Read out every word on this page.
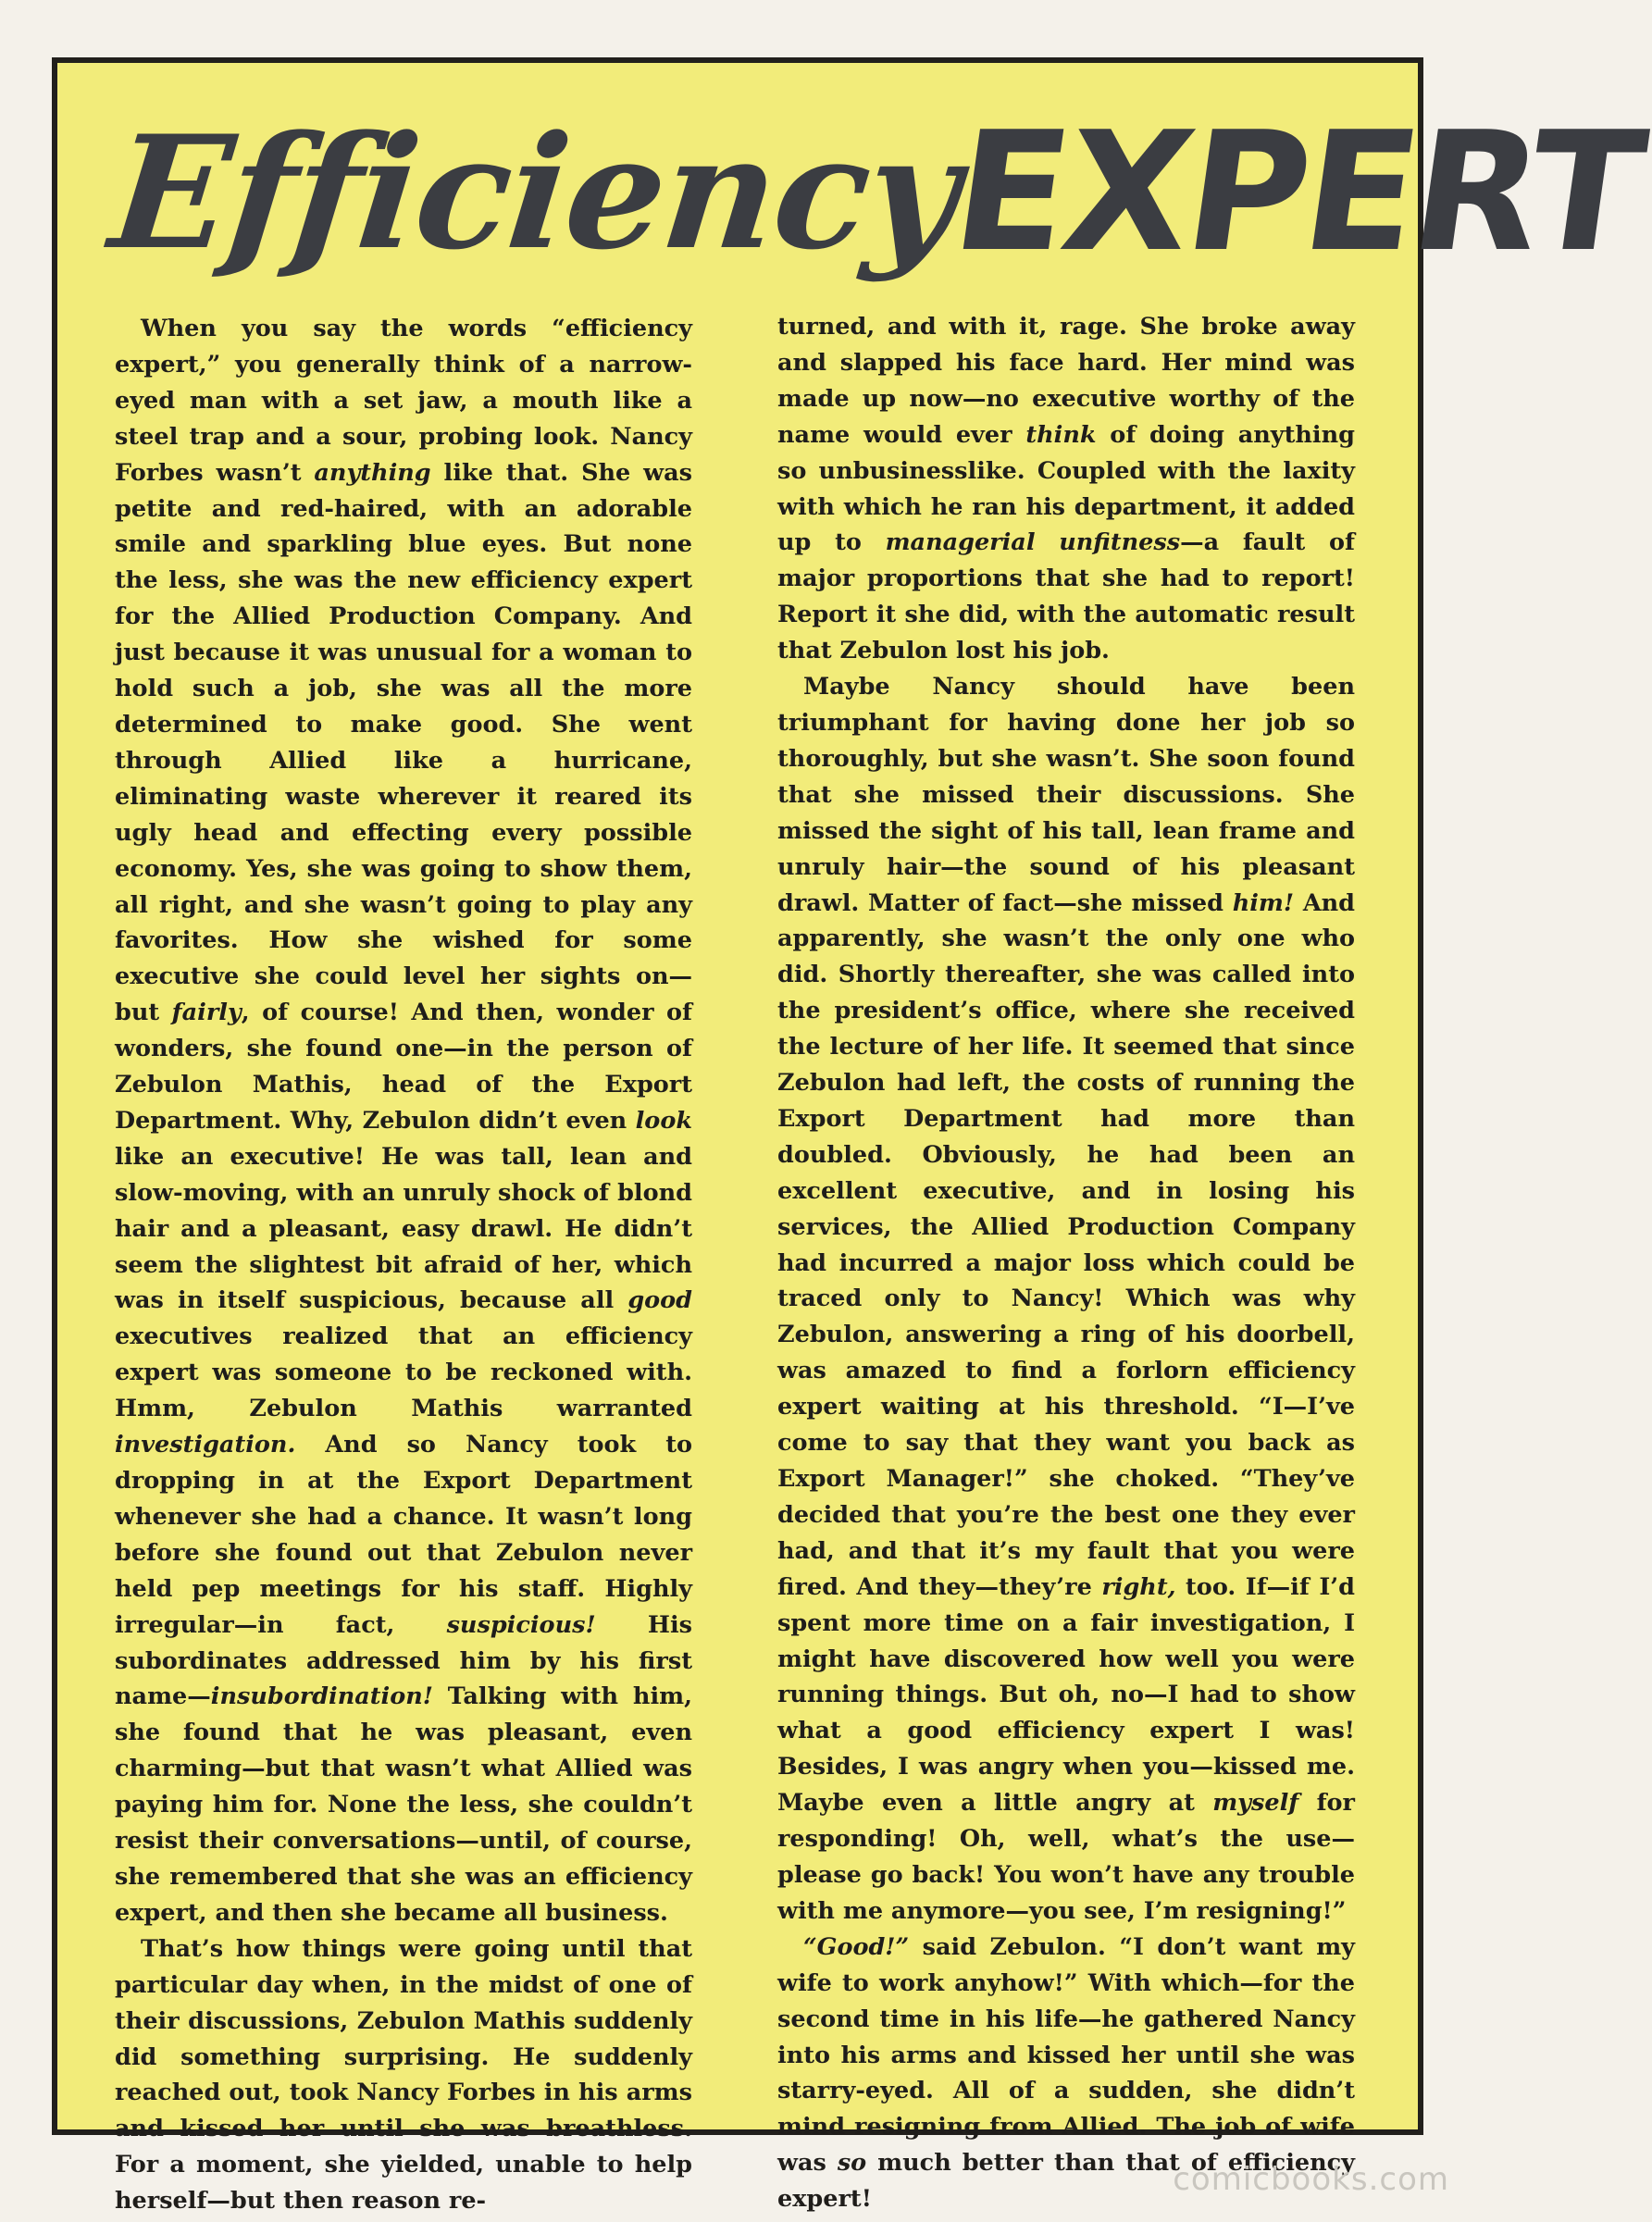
Efficiency
EXPERT

When you say the words “efficiency expert,” you generally think of a narrow-eyed man with a set jaw, a mouth like a steel trap and a sour, probing look. Nancy Forbes wasn’t anything like that. She was petite and red-haired, with an adorable smile and sparkling blue eyes. But none the less, she was the new efficiency expert for the Allied Production Company. And just because it was unusual for a woman to hold such a job, she was all the more determined to make good. She went through Allied like a hurricane, eliminating waste wherever it reared its ugly head and effecting every possible economy. Yes, she was going to show them, all right, and she wasn’t going to play any favorites. How she wished for some executive she could level her sights on—but fairly, of course! And then, wonder of wonders, she found one—in the person of Zebulon Mathis, head of the Export Department. Why, Zebulon didn’t even look like an executive! He was tall, lean and slow-moving, with an unruly shock of blond hair and a pleasant, easy drawl. He didn’t seem the slightest bit afraid of her, which was in itself suspicious, because all good executives realized that an efficiency expert was someone to be reckoned with. Hmm, Zebulon Mathis warranted investigation. And so Nancy took to dropping in at the Export Department whenever she had a chance. It wasn’t long before she found out that Zebulon never held pep meetings for his staff. Highly irregular—in fact, suspicious! His subordinates addressed him by his first name—insubordination! Talking with him, she found that he was pleasant, even charming—but that wasn’t what Allied was paying him for. None the less, she couldn’t resist their conversations—until, of course, she remembered that she was an efficiency expert, and then she became all business.

That’s how things were going until that particular day when, in the midst of one of their discussions, Zebulon Mathis suddenly did something surprising. He suddenly reached out, took Nancy Forbes in his arms and kissed her until she was breathless. For a moment, she yielded, unable to help herself—but then reason re-

turned, and with it, rage. She broke away and slapped his face hard. Her mind was made up now—no executive worthy of the name would ever think of doing anything so unbusinesslike. Coupled with the laxity with which he ran his department, it added up to managerial unfitness—a fault of major proportions that she had to report! Report it she did, with the automatic result that Zebulon lost his job.

Maybe Nancy should have been triumphant for having done her job so thoroughly, but she wasn’t. She soon found that she missed their discussions. She missed the sight of his tall, lean frame and unruly hair—the sound of his pleasant drawl. Matter of fact—she missed him! And apparently, she wasn’t the only one who did. Shortly thereafter, she was called into the president’s office, where she received the lecture of her life. It seemed that since Zebulon had left, the costs of running the Export Department had more than doubled. Obviously, he had been an excellent executive, and in losing his services, the Allied Production Company had incurred a major loss which could be traced only to Nancy! Which was why Zebulon, answering a ring of his doorbell, was amazed to find a forlorn efficiency expert waiting at his threshold. “I—I’ve come to say that they want you back as Export Manager!” she choked. “They’ve decided that you’re the best one they ever had, and that it’s my fault that you were fired. And they—they’re right, too. If—if I’d spent more time on a fair investigation, I might have discovered how well you were running things. But oh, no—I had to show what a good efficiency expert I was! Besides, I was angry when you—kissed me. Maybe even a little angry at myself for responding! Oh, well, what’s the use—please go back! You won’t have any trouble with me anymore—you see, I’m resigning!”

“Good!” said Zebulon. “I don’t want my wife to work anyhow!” With which—for the second time in his life—he gathered Nancy into his arms and kissed her until she was starry-eyed. All of a sudden, she didn’t mind resigning from Allied. The job of wife was so much better than that of efficiency expert!

comicbooks.com
